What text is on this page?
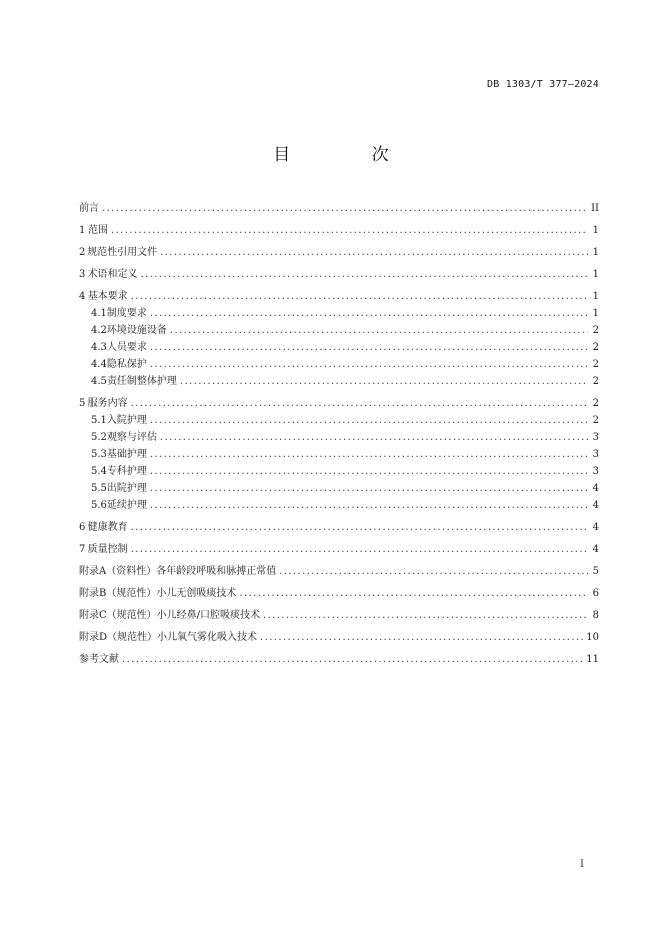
DB 1303/T 377—2024
目 次
前言 .....	II
1 范围 .....	1
2 规范性引用文件 .....	1
3 术语和定义 .....	1
4 基本要求 .....	1
4.1 制度要求 .....	1
4.2 环境设施设备 .....	2
4.3 人员要求 .....	2
4.4 隐私保护 .....	2
4.5 责任制整体护理 .....	2
5 服务内容 .....	2
5.1 入院护理 .....	2
5.2 观察与评估 .....	3
5.3 基础护理 .....	3
5.4 专科护理 .....	3
5.5 出院护理 .....	4
5.6 延续护理 .....	4
6 健康教育 .....	4
7 质量控制 .....	4
附录A（资料性） 各年龄段呼吸和脉搏正常值 .....	5
附录B（规范性） 小儿无创吸痰技术 .....	6
附录C（规范性） 小儿经鼻/口腔吸痰技术 .....	8
附录D（规范性） 小儿氧气雾化吸入技术 .....	10
参考文献 .....	11
I
